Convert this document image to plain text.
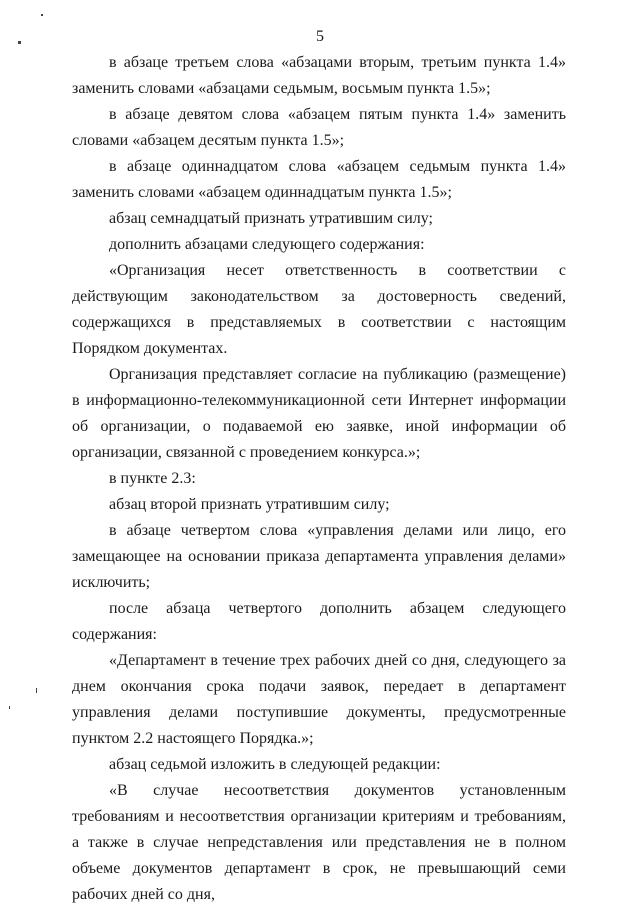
5

в абзаце третьем слова «абзацами вторым, третьим пункта 1.4» заменить словами «абзацами седьмым, восьмым пункта 1.5»;

в абзаце девятом слова «абзацем пятым пункта 1.4» заменить словами «абзацем десятым пункта 1.5»;

в абзаце одиннадцатом слова «абзацем седьмым пункта 1.4» заменить словами «абзацем одиннадцатым пункта 1.5»;

абзац семнадцатый признать утратившим силу;

дополнить абзацами следующего содержания:

«Организация несет ответственность в соответствии с действующим законодательством за достоверность сведений, содержащихся в представляемых в соответствии с настоящим Порядком документах.

Организация представляет согласие на публикацию (размещение) в информационно-телекоммуникационной сети Интернет информации об организации, о подаваемой ею заявке, иной информации об организации, связанной с проведением конкурса.»;

в пункте 2.3:

абзац второй признать утратившим силу;

в абзаце четвертом слова «управления делами или лицо, его замещающее на основании приказа департамента управления делами» исключить;

после абзаца четвертого дополнить абзацем следующего содержания:

«Департамент в течение трех рабочих дней со дня, следующего за днем окончания срока подачи заявок, передает в департамент управления делами поступившие документы, предусмотренные пунктом 2.2 настоящего Порядка.»;

абзац седьмой изложить в следующей редакции:

«В случае несоответствия документов установленным требованиям и несоответствия организации критериям и требованиям, а также в случае непредставления или представления не в полном объеме документов департамент в срок, не превышающий семи рабочих дней со дня,
